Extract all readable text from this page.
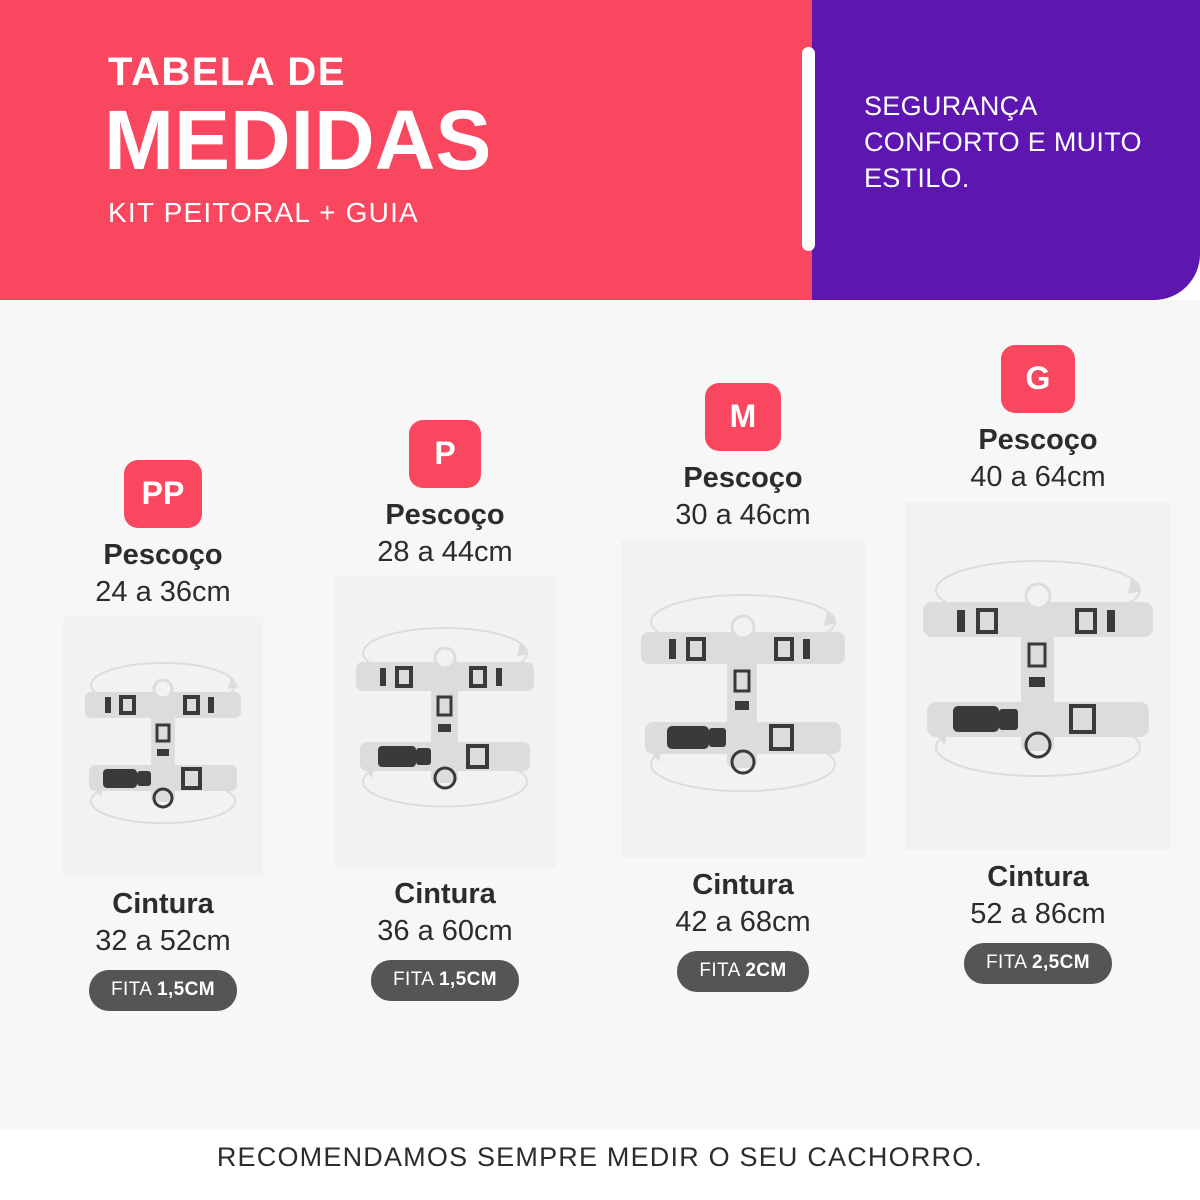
TABELA DE
MEDIDAS
KIT PEITORAL + GUIA
SEGURANÇA CONFORTO E MUITO ESTILO.
PP
Pescoço
24 a 36cm
Cintura
32 a 52cm
FITA 1,5CM
P
Pescoço
28 a 44cm
Cintura
36 a 60cm
FITA 1,5CM
M
Pescoço
30 a 46cm
Cintura
42 a 68cm
FITA 2CM
G
Pescoço
40 a 64cm
Cintura
52 a 86cm
FITA 2,5CM
RECOMENDAMOS SEMPRE MEDIR O SEU CACHORRO.
